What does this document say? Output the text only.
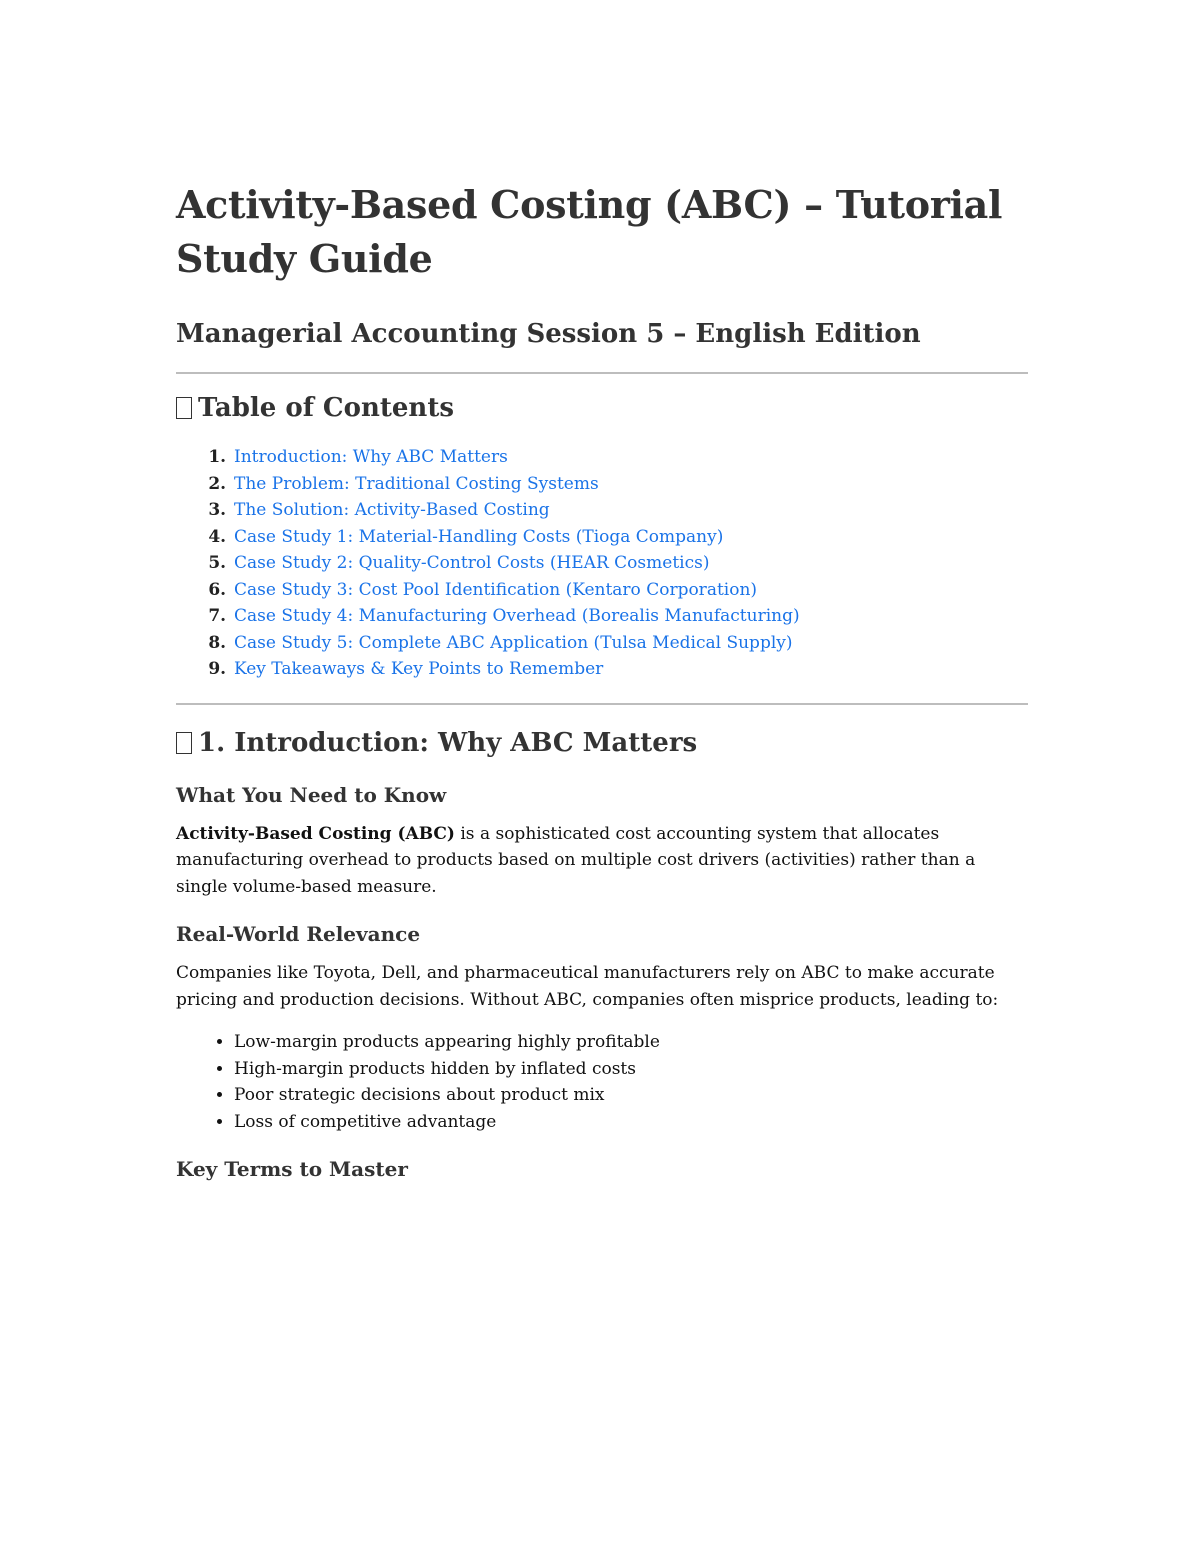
Activity-Based Costing (ABC) – Tutorial Study Guide
Managerial Accounting Session 5 – English Edition
Table of Contents
1. Introduction: Why ABC Matters
2. The Problem: Traditional Costing Systems
3. The Solution: Activity-Based Costing
4. Case Study 1: Material-Handling Costs (Tioga Company)
5. Case Study 2: Quality-Control Costs (HEAR Cosmetics)
6. Case Study 3: Cost Pool Identification (Kentaro Corporation)
7. Case Study 4: Manufacturing Overhead (Borealis Manufacturing)
8. Case Study 5: Complete ABC Application (Tulsa Medical Supply)
9. Key Takeaways & Key Points to Remember
1. Introduction: Why ABC Matters
What You Need to Know

Activity-Based Costing (ABC) is a sophisticated cost accounting system that allocates manufacturing overhead to products based on multiple cost drivers (activities) rather than a single volume-based measure.

Real-World Relevance

Companies like Toyota, Dell, and pharmaceutical manufacturers rely on ABC to make accurate pricing and production decisions. Without ABC, companies often misprice products, leading to:

• Low-margin products appearing highly profitable
• High-margin products hidden by inflated costs
• Poor strategic decisions about product mix
• Loss of competitive advantage
Key Terms to Master
